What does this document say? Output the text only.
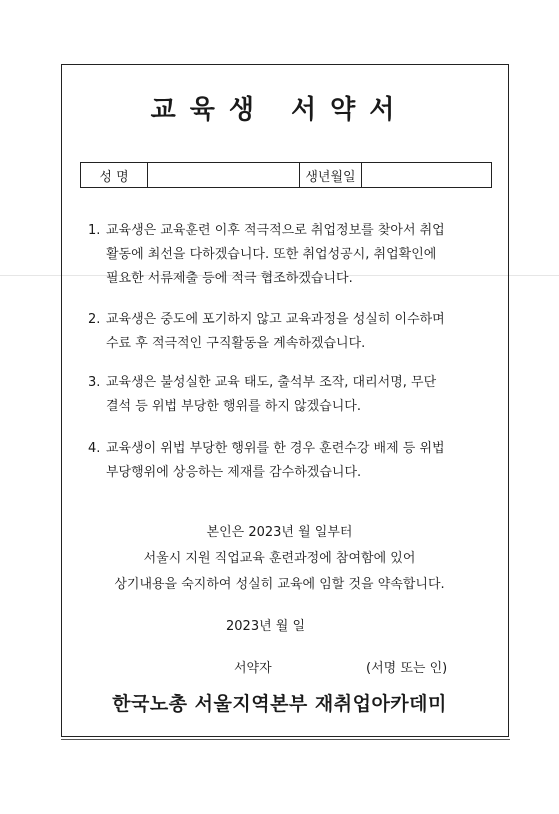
교육생 서약서
성 명	생년월일
1. 교육생은 교육훈련 이후 적극적으로 취업정보를 찾아서 취업
활동에 최선을 다하겠습니다. 또한 취업성공시, 취업확인에
필요한 서류제출 등에 적극 협조하겠습니다.
2. 교육생은 중도에 포기하지 않고 교육과정을 성실히 이수하며
수료 후 적극적인 구직활동을 계속하겠습니다.
3. 교육생은 불성실한 교육 태도, 출석부 조작, 대리서명, 무단
결석 등 위법 부당한 행위를 하지 않겠습니다.
4. 교육생이 위법 부당한 행위를 한 경우 훈련수강 배제 등 위법
부당행위에 상응하는 제재를 감수하겠습니다.
본인은 2023년 월 일부터
서울시 지원 직업교육 훈련과정에 참여함에 있어
상기내용을 숙지하여 성실히 교육에 임할 것을 약속합니다.
2023년 월 일
서약자	(서명 또는 인)
한국노총 서울지역본부 재취업아카데미
